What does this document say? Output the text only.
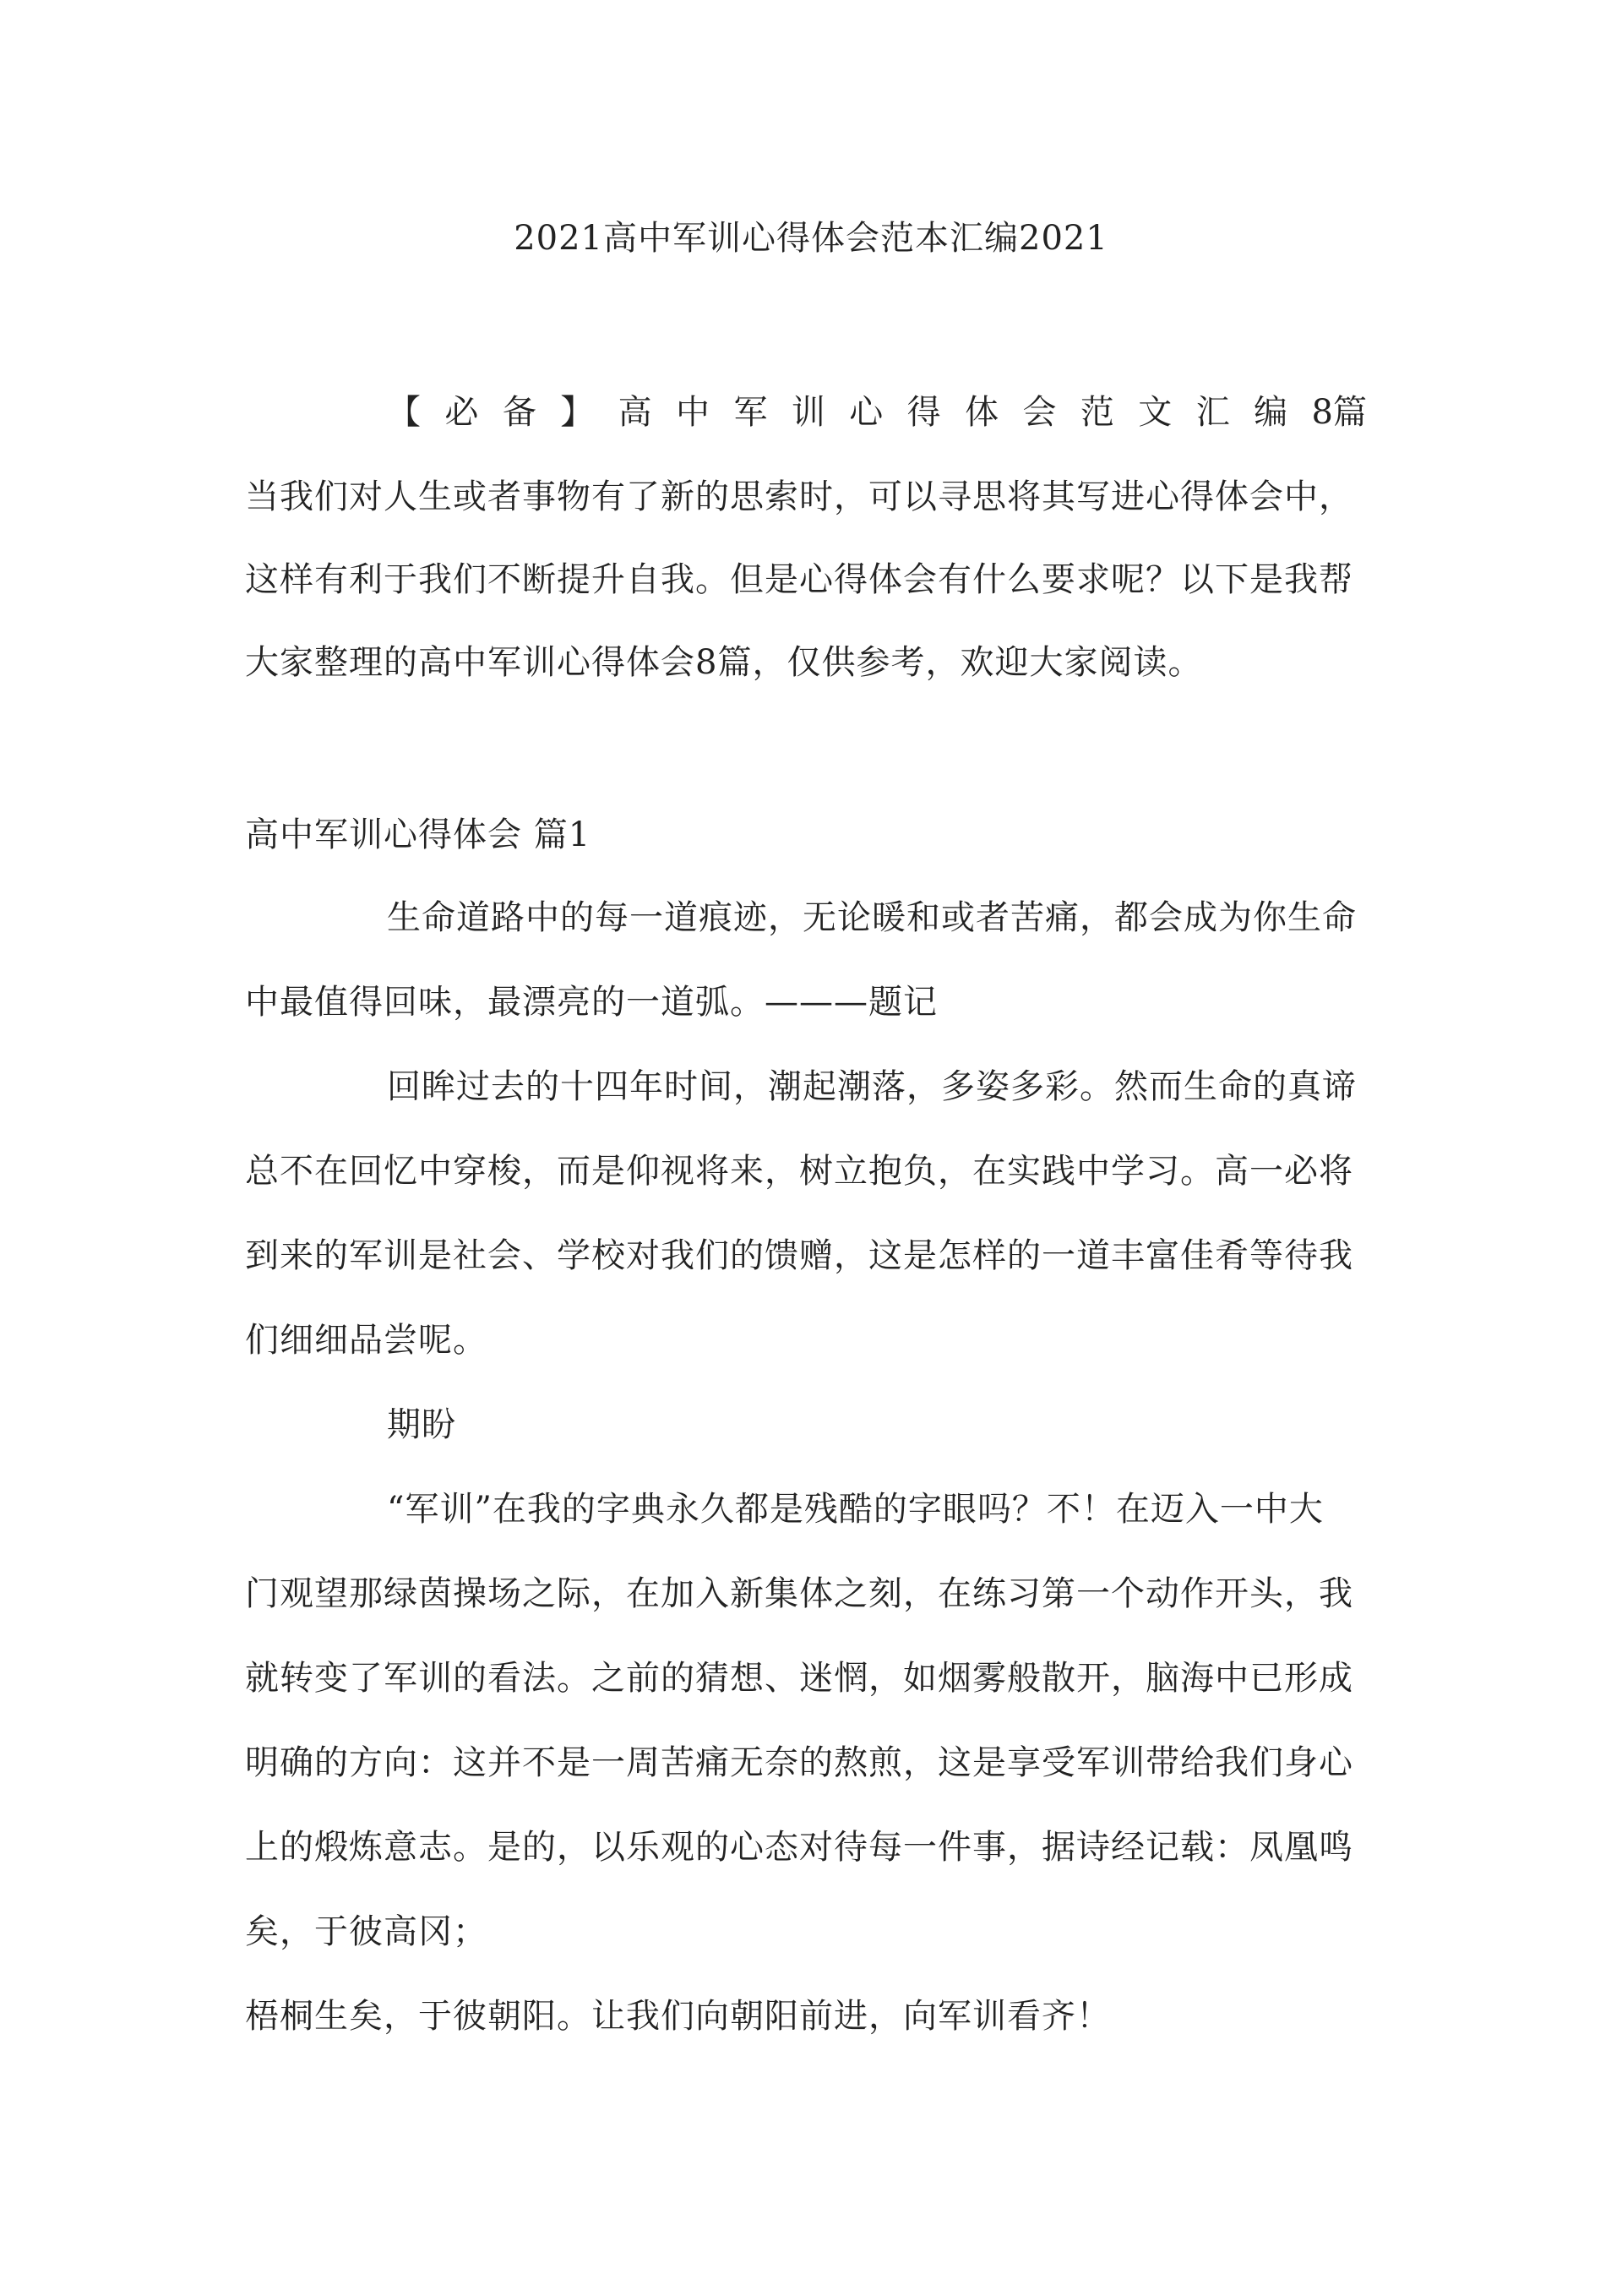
2021高中军训心得体会范本汇编2021
【 必 备 】 高 中 军 训 心 得 体 会 范 文 汇 编 8篇
当我们对人生或者事物有了新的思索时，可以寻思将其写进心得体会中，
这样有利于我们不断提升自我。但是心得体会有什么要求呢？以下是我帮
大家整理的高中军训心得体会8篇，仅供参考，欢迎大家阅读。
高中军训心得体会 篇1
生命道路中的每一道痕迹，无论暖和或者苦痛，都会成为你生命
中最值得回味，最漂亮的一道弧。———题记
回眸过去的十四年时间，潮起潮落，多姿多彩。然而生命的真谛
总不在回忆中穿梭，而是仰视将来，树立抱负，在实践中学习。高一必将
到来的军训是社会、学校对我们的馈赠，这是怎样的一道丰富佳肴等待我
们细细品尝呢。
期盼
“军训”在我的字典永久都是残酷的字眼吗？不！在迈入一中大
门观望那绿茵操场之际，在加入新集体之刻，在练习第一个动作开头，我
就转变了军训的看法。之前的猜想、迷惘，如烟雾般散开，脑海中已形成
明确的方向：这并不是一周苦痛无奈的熬煎，这是享受军训带给我们身心
上的煅炼意志。是的，以乐观的心态对待每一件事，据诗经记载：凤凰鸣
矣，于彼高冈；
梧桐生矣，于彼朝阳。让我们向朝阳前进，向军训看齐！
